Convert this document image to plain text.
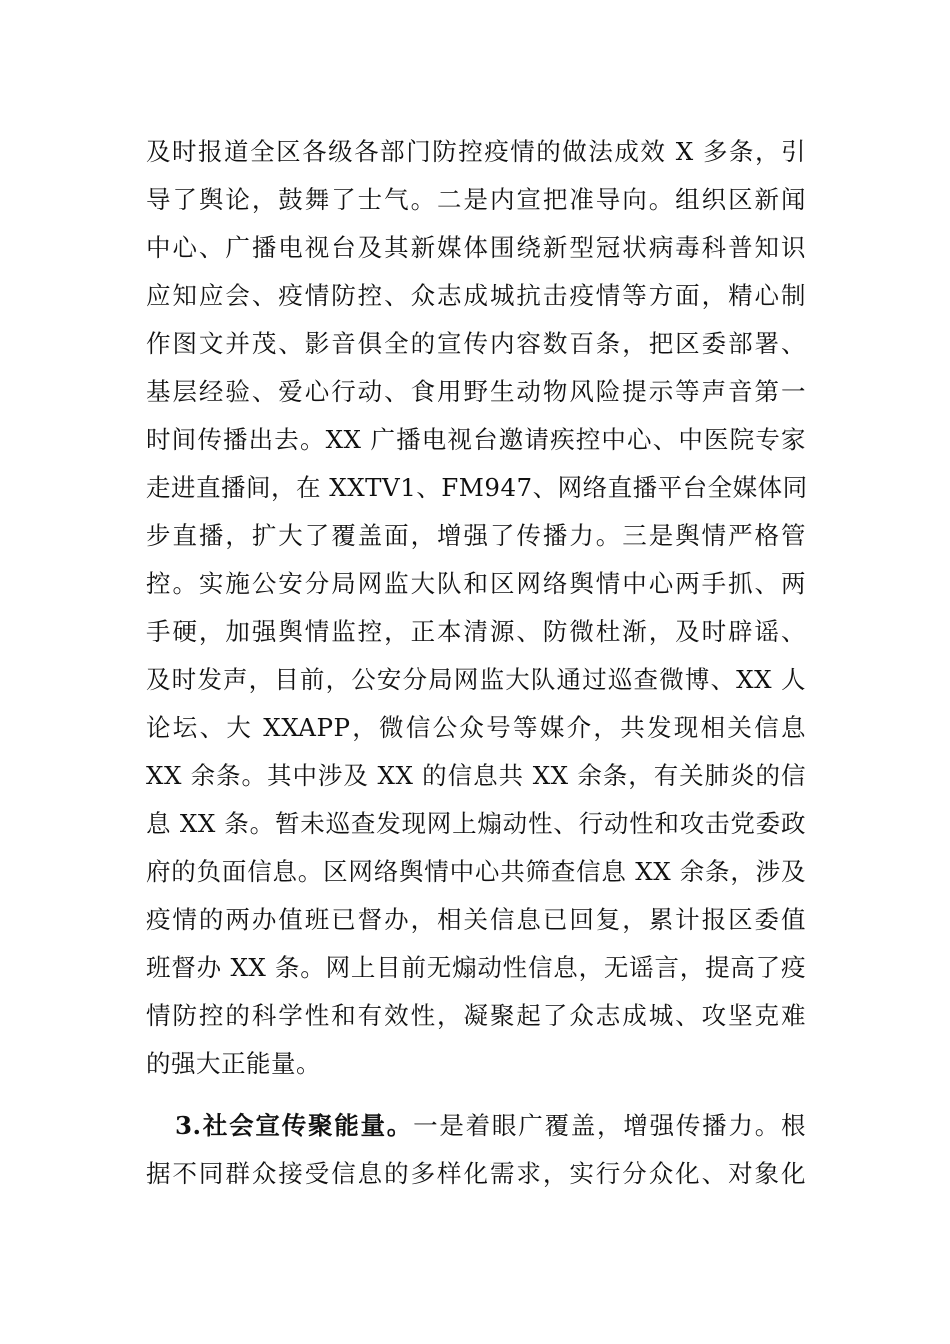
及时报道全区各级各部门防控疫情的做法成效 X 多条，引
导了舆论，鼓舞了士气。二是内宣把准导向。组织区新闻
中心、广播电视台及其新媒体围绕新型冠状病毒科普知识
应知应会、疫情防控、众志成城抗击疫情等方面，精心制
作图文并茂、影音俱全的宣传内容数百条，把区委部署、
基层经验、爱心行动、食用野生动物风险提示等声音第一
时间传播出去。XX 广播电视台邀请疾控中心、中医院专家
走进直播间，在 XXTV1、FM947、网络直播平台全媒体同
步直播，扩大了覆盖面，增强了传播力。三是舆情严格管
控。实施公安分局网监大队和区网络舆情中心两手抓、两
手硬，加强舆情监控，正本清源、防微杜渐，及时辟谣、
及时发声，目前，公安分局网监大队通过巡查微博、XX 人
论坛、大 XXAPP，微信公众号等媒介，共发现相关信息
XX 余条。其中涉及 XX 的信息共 XX 余条，有关肺炎的信
息 XX 条。暂未巡查发现网上煽动性、行动性和攻击党委政
府的负面信息。区网络舆情中心共筛查信息 XX 余条，涉及
疫情的两办值班已督办，相关信息已回复，累计报区委值
班督办 XX 条。网上目前无煽动性信息，无谣言，提高了疫
情防控的科学性和有效性，凝聚起了众志成城、攻坚克难
的强大正能量。
3.社会宣传聚能量。一是着眼广覆盖，增强传播力。根
据不同群众接受信息的多样化需求，实行分众化、对象化
